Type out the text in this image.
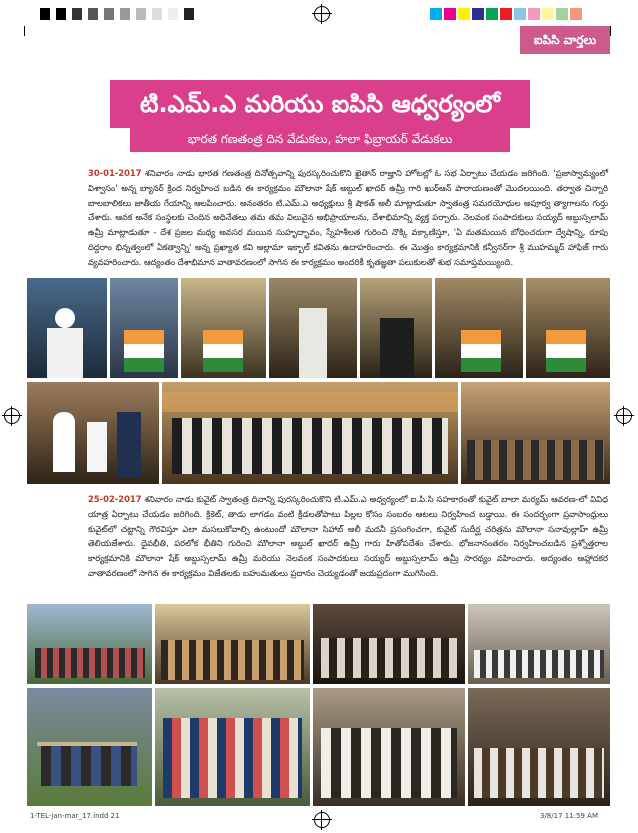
ఐపిసి వార్తలు
టి.ఎమ్.ఎ మరియు ఐపిసి ఆధ్వర్యంలో
భారత గణతంత్ర దిన వేడుకలు, హలా ఫిబ్రాయర్ వేడుకలు
30-01-2017 శనివారం నాడు భారత గణతంత్ర దినోత్సవాన్ని పురస్కరించుకొని ఖైతాన్ రాజ్హాని హోటల్లో ఓ సభ ఏర్పాటు చేయడం జరిగింది. 'ప్రజాస్వామ్యంలో విశ్వాసం' అన్న బ్యానర్ క్రింద నిర్వహించ బడిన ఈ కార్యక్రమం మౌలానా షేక్ అబ్దుల్ ఖాదర్ ఉమ్రీ గారి ఖుర్‌ఆన్ పారాయణంతో మొదలయింది. తర్వాత చిన్నారి బాలబాలికలు జాతీయ గేయాన్ని ఆలపించారు. అనంతరం టి.ఎమ్.ఎ అధ్యక్షులు శ్రీ షౌకత్ అలీ మాట్లాడుతూ స్వాతంత్ర సమరయోధుల అపూర్వ త్యాగాలను గుర్తు చేశారు. ఆనక అనేక సంస్థలకు చెందిన అధినేతలు తమ తమ విలువైన అభిప్రాయాలను, దేశాభిమాన్ని వ్యక్త పర్చారు. నెలవంక సంపాదకులు సయ్యద్ అబ్దుస్సలామ్ ఉమ్రీ మాట్లాడుతూ - దేశ ప్రజల మధ్య అవసర మయిన సుహృద్భావం, స్నేహశీలత గురించి నొక్కి వక్కాణిస్తూ, 'ఏ మతమయిన బోధించదుగా ద్వేషాన్ని, రూపు దిద్దరాం భిన్నత్వంలో ఏకత్వాన్ని' అన్న ప్రఖ్యాత కవి అల్లామా ఇక్బాల్ కవితను ఉదాహరించారు. ఈ మొత్తం కార్యక్రమానికి కన్వీనర్‌గా శ్రీ ముహమ్మద్ హాఫిజ్ గారు వ్యవహరించారు. ఆద్యంతం దేశాభిమాన వాతావరణంలో సాగిన ఈ కార్యక్రమం అందరికీ కృతజ్ఞతా పలుకులతో శుభ సమాప్తమయ్యింది.
25-02-2017 శనివారం నాడు కువైట్ స్వాతంత్ర దినాన్ని పురస్కరించుకొని టి.ఎమ్.ఎ అధ్వర్యంలో ఐ.పి.సి సహకారంతో కువైట్ బాలా మర్యమ్ ఆవరణ-లో వివిధ యాత్ర ఏర్పాటు చేయడం జరిగింది. క్రికెట్, తాడు లాగడం వంటి క్రీడలతోపాటు పిల్లల కోసం సంబరం ఆటలు నిర్వహించ బడ్డాయి. ఈ సందర్భంగా ప్రవాసాంధ్రులు కువైట్‌లో చట్టాన్ని గౌరవిస్తూ ఎలా మసలుకోవాల్సి ఉంటుందో మౌలానా సిహాబ్ అలీ మదనీ ప్రసంగించగా, కువైట్ సుదీర్ఘ చరిత్రను మౌలానా సనావుల్లాహ్ ఉమ్రీ తెలియజేశారు. ధైవభీతి, పరలోక భీతిని గురించి మౌలానా అబ్దుల్ ఖాదర్ ఉమ్రీ గారు హితోపదేశం చేశారు. భోజనానంతరం నిర్వహించబడిన ప్రశ్నోత్తరాల కార్యక్రమానికి మౌలానా షేక్ అబ్దుస్సలామ్ ఉమ్రీ మరియు నెలవంక సంపాదకులు సయ్యద్ అబ్దుస్సలామ్ ఉమ్రీ సారథ్యం వహించారు. అద్యంతం ఆహ్లాదకర వాతావరణంలో సాగిన ఈ కార్యక్రమం విజేతలకు బహుమతులు ప్రదానం చెయ్యడంతో జయప్రదంగా ముగిసింది.
1-TEL-jan-mar_17.indd 21	3/8/17 11:59 AM
